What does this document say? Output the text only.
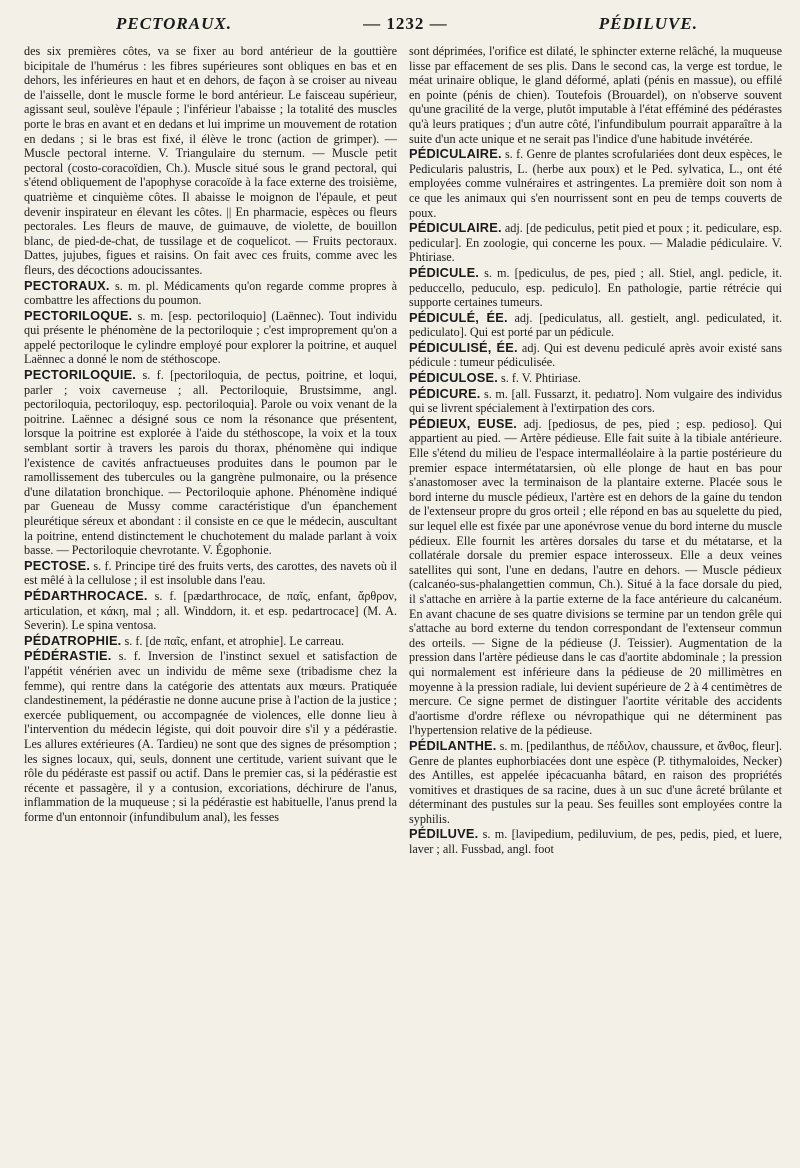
PECTORAUX.	— 1232 —	PÉDILUVE.

des six premières côtes, va se fixer au bord antérieur de la gouttière bicipitale de l'humérus : les fibres supérieures sont obliques en bas et en dehors, les inférieures en haut et en dehors, de façon à se croiser au niveau de l'aisselle, dont le muscle forme le bord antérieur. Le faisceau supérieur, agissant seul, soulève l'épaule ; l'inférieur l'abaisse ; la totalité des muscles porte le bras en avant et en dedans et lui imprime un mouvement de rotation en dedans ; si le bras est fixé, il élève le tronc (action de grimper). — Muscle pectoral interne. V. Triangulaire du sternum. — Muscle petit pectoral (costo-coracoïdien, Ch.). Muscle situé sous le grand pectoral, qui s'étend obliquement de l'apophyse coracoïde à la face externe des troisième, quatrième et cinquième côtes. Il abaisse le moignon de l'épaule, et peut devenir inspirateur en élevant les côtes. || En pharmacie, espèces ou fleurs pectorales. Les fleurs de mauve, de guimauve, de violette, de bouillon blanc, de pied-de-chat, de tussilage et de coquelicot. — Fruits pectoraux. Dattes, jujubes, figues et raisins. On fait avec ces fruits, comme avec les fleurs, des décoctions adoucissantes.

PECTORAUX. s. m. pl. Médicaments qu'on regarde comme propres à combattre les affections du poumon.

PECTORILOQUE. s. m. [esp. pectoriloquio] (Laënnec). Tout individu qui présente le phénomène de la pectoriloquie ; c'est improprement qu'on a appelé pectoriloque le cylindre employé pour explorer la poitrine, et auquel Laënnec a donné le nom de stéthoscope.

PECTORILOQUIE. s. f. [pectoriloquia, de pectus, poitrine, et loqui, parler ; voix caverneuse ; all. Pectoriloquie, Brustsimme, angl. pectoriloquia, pectoriloquy, esp. pectoriloquia]. Parole ou voix venant de la poitrine. Laënnec a désigné sous ce nom la résonance que présentent, lorsque la poitrine est explorée à l'aide du stéthoscope, la voix et la toux semblant sortir à travers les parois du thorax, phénomène qui indique l'existence de cavités anfractueuses produites dans le poumon par le ramollissement des tubercules ou la gangrène pulmonaire, ou la présence d'une dilatation bronchique. — Pectoriloquie aphone. Phénomène indiqué par Gueneau de Mussy comme caractéristique d'un épanchement pleurétique séreux et abondant : il consiste en ce que le médecin, auscultant la poitrine, entend distinctement le chuchotement du malade parlant à voix basse. — Pectoriloquie chevrotante. V. Égophonie.

PECTOSE. s. f. Principe tiré des fruits verts, des carottes, des navets où il est mêlé à la cellulose ; il est insoluble dans l'eau.

PÉDARTHROCACE. s. f. [pædarthrocace, de παῖς, enfant, ἄρθρον, articulation, et κάκη, mal ; all. Winddorn, it. et esp. pedartrocace] (M. A. Severin). Le spina ventosa.

PÉDATROPHIE. s. f. [de παῖς, enfant, et atrophie]. Le carreau.

PÉDÉRASTIE. s. f. Inversion de l'instinct sexuel et satisfaction de l'appétit vénérien avec un individu de même sexe (tribadisme chez la femme), qui rentre dans la catégorie des attentats aux mœurs. Pratiquée clandestinement, la pédérastie ne donne aucune prise à l'action de la justice ; exercée publiquement, ou accompagnée de violences, elle donne lieu à l'intervention du médecin légiste, qui doit pouvoir dire s'il y a pédérastie. Les allures extérieures (A. Tardieu) ne sont que des signes de présomption ; les signes locaux, qui, seuls, donnent une certitude, varient suivant que le rôle du pédéraste est passif ou actif. Dans le premier cas, si la pédérastie est récente et passagère, il y a contusion, excoriations, déchirure de l'anus, inflammation de la muqueuse ; si la pédérastie est habituelle, l'anus prend la forme d'un entonnoir (infundibulum anal), les fesses

sont déprimées, l'orifice est dilaté, le sphincter externe relâché, la muqueuse lisse par effacement de ses plis. Dans le second cas, la verge est tordue, le méat urinaire oblique, le gland déformé, aplati (pénis en massue), ou effilé en pointe (pénis de chien). Toutefois (Brouardel), on n'observe souvent qu'une gracilité de la verge, plutôt imputable à l'état efféminé des pédérastes qu'à leurs pratiques ; d'un autre côté, l'infundibulum pourrait apparaître à la suite d'un acte unique et ne serait pas l'indice d'une habitude invétérée.

PÉDICULAIRE. s. f. Genre de plantes scrofulariées dont deux espèces, le Pedicularis palustris, L. (herbe aux poux) et le Ped. sylvatica, L., ont été employées comme vulnéraires et astringentes. La première doit son nom à ce que les animaux qui s'en nourrissent sont en peu de temps couverts de poux.

PÉDICULAIRE. adj. [de pediculus, petit pied et poux ; it. pediculare, esp. pedicular]. En zoologie, qui concerne les poux. — Maladie pédiculaire. V. Phtiriase.

PÉDICULE. s. m. [pediculus, de pes, pied ; all. Stiel, angl. pedicle, it. peduccello, peduculo, esp. pediculo]. En pathologie, partie rétrécie qui supporte certaines tumeurs.

PÉDICULÉ, ÉE. adj. [pediculatus, all. gestielt, angl. pediculated, it. pediculato]. Qui est porté par un pédicule.

PÉDICULISÉ, ÉE. adj. Qui est devenu pediculé après avoir existé sans pédicule : tumeur pédiculisée.

PÉDICULOSE. s. f. V. Phtiriase.

PÉDICURE. s. m. [all. Fussarzt, it. pedıatro]. Nom vulgaire des individus qui se livrent spécialement à l'extirpation des cors.

PÉDIEUX, EUSE. adj. [pediosus, de pes, pied ; esp. pedioso]. Qui appartient au pied. — Artère pédieuse. Elle fait suite à la tibiale antérieure. Elle s'étend du milieu de l'espace intermalléolaire à la partie postérieure du premier espace intermétatarsien, où elle plonge de haut en bas pour s'anastomoser avec la terminaison de la plantaire externe. Placée sous le bord interne du muscle pédieux, l'artère est en dehors de la gaine du tendon de l'extenseur propre du gros orteil ; elle répond en bas au squelette du pied, sur lequel elle est fixée par une aponévrose venue du bord interne du muscle pédieux. Elle fournit les artères dorsales du tarse et du métatarse, et la collatérale dorsale du premier espace interosseux. Elle a deux veines satellites qui sont, l'une en dedans, l'autre en dehors. — Muscle pédieux (calcanéo-sus-phalangettien commun, Ch.). Situé à la face dorsale du pied, il s'attache en arrière à la partie externe de la face antérieure du calcanéum. En avant chacune de ses quatre divisions se termine par un tendon grêle qui s'attache au bord externe du tendon correspondant de l'extenseur commun des orteils. — Signe de la pédieuse (J. Teissier). Augmentation de la pression dans l'artère pédieuse dans le cas d'aortite abdominale ; la pression qui normalement est inférieure dans la pédieuse de 20 millimètres en moyenne à la pression radiale, lui devient supérieure de 2 à 4 centimètres de mercure. Ce signe permet de distinguer l'aortite véritable des accidents d'aortisme d'ordre réflexe ou névropathique qui ne déterminent pas l'hypertension relative de la pédieuse.

PÉDILANTHE. s. m. [pedilanthus, de πέδιλον, chaussure, et ἄνθος, fleur]. Genre de plantes euphorbiacées dont une espèce (P. tithymaloides, Necker) des Antilles, est appelée ipécacuanha bâtard, en raison des propriétés vomitives et drastiques de sa racine, dues à un suc d'une âcreté brûlante et déterminant des pustules sur la peau. Ses feuilles sont employées contre la syphilis.

PÉDILUVE. s. m. [lavipedium, pediluvium, de pes, pedis, pied, et luere, laver ; all. Fussbad, angl. foot
